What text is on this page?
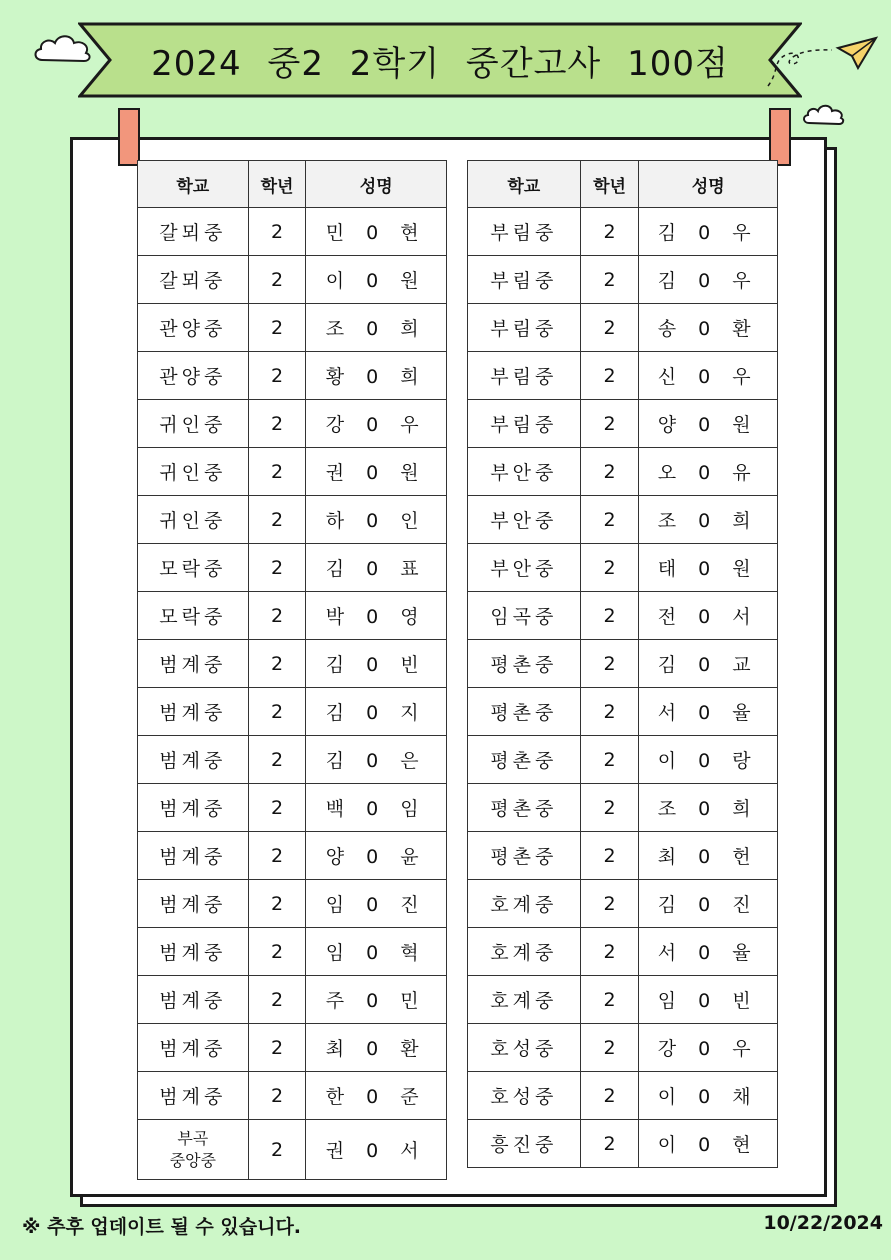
2024 중2 2학기 중간고사 100점
학교	학년	성명
갈뫼중	2	민 0 현
갈뫼중	2	이 0 원
관양중	2	조 0 희
관양중	2	황 0 희
귀인중	2	강 0 우
귀인중	2	권 0 원
귀인중	2	하 0 인
모락중	2	김 0 표
모락중	2	박 0 영
범계중	2	김 0 빈
범계중	2	김 0 지
범계중	2	김 0 은
범계중	2	백 0 임
범계중	2	양 0 윤
범계중	2	임 0 진
범계중	2	임 0 혁
범계중	2	주 0 민
범계중	2	최 0 환
범계중	2	한 0 준
부곡
중앙중	2	권 0 서
학교	학년	성명
부림중	2	김 0 우
부림중	2	김 0 우
부림중	2	송 0 환
부림중	2	신 0 우
부림중	2	양 0 원
부안중	2	오 0 유
부안중	2	조 0 희
부안중	2	태 0 원
임곡중	2	전 0 서
평촌중	2	김 0 교
평촌중	2	서 0 율
평촌중	2	이 0 랑
평촌중	2	조 0 희
평촌중	2	최 0 헌
호계중	2	김 0 진
호계중	2	서 0 율
호계중	2	임 0 빈
호성중	2	강 0 우
호성중	2	이 0 채
흥진중	2	이 0 현
※ 추후 업데이트 될 수 있습니다.	10/22/2024
